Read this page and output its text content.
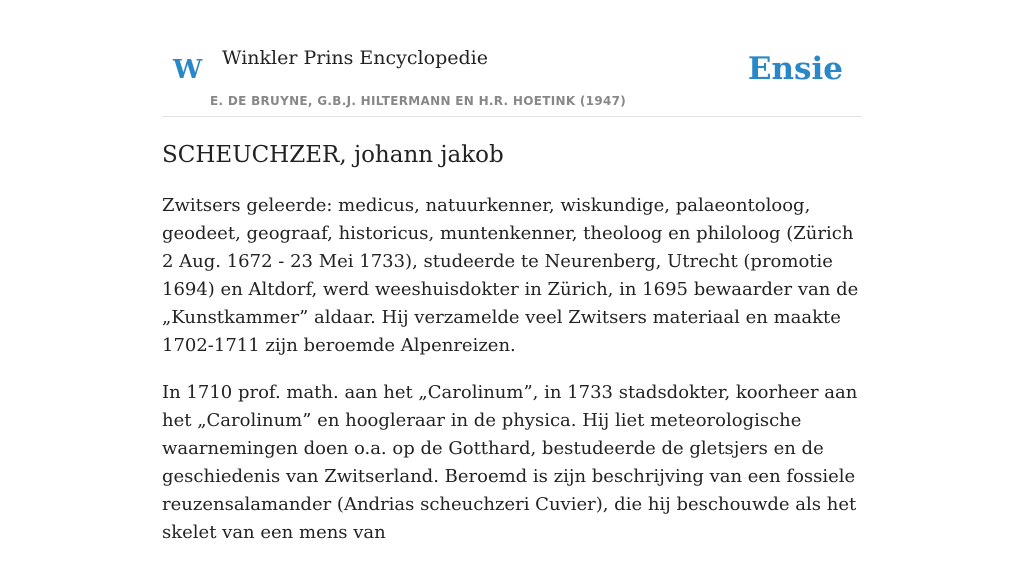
W Winkler Prins Encyclopedie
E. DE BRUYNE, G.B.J. HILTERMANN EN H.R. HOETINK (1947)
Ensie
SCHEUCHZER, johann jakob

Zwitsers geleerde: medicus, natuurkenner, wiskundige, palaeontoloog, geodeet, geograaf, historicus, muntenkenner, theoloog en philoloog (Zürich 2 Aug. 1672 - 23 Mei 1733), studeerde te Neurenberg, Utrecht (promotie 1694) en Altdorf, werd weeshuisdokter in Zürich, in 1695 bewaarder van de „Kunstkammer” aldaar. Hij verzamelde veel Zwitsers materiaal en maakte 1702-1711 zijn beroemde Alpenreizen.

In 1710 prof. math. aan het „Carolinum”, in 1733 stadsdokter, koorheer aan het „Carolinum” en hoogleraar in de physica. Hij liet meteorologische waarnemingen doen o.a. op de Gotthard, bestudeerde de gletsjers en de geschiedenis van Zwitserland. Beroemd is zijn beschrijving van een fossiele reuzensalamander (Andrias scheuchzeri Cuvier), die hij beschouwde als het skelet van een mens van
